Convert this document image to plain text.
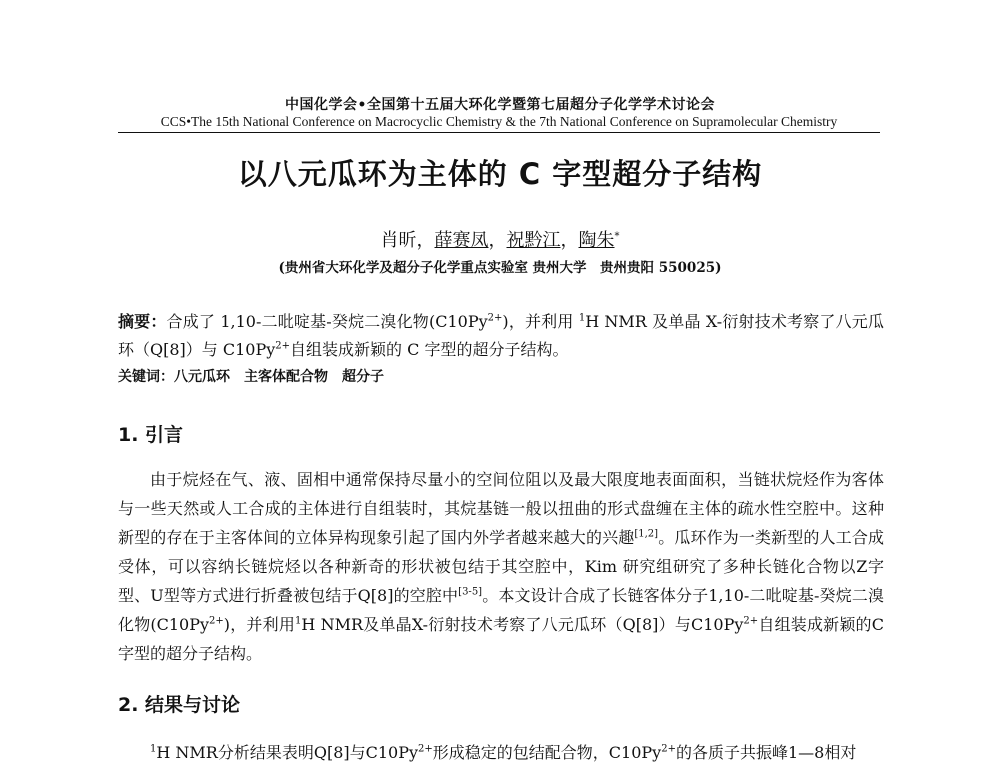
中国化学会•全国第十五届大环化学暨第七届超分子化学学术讨论会
CCS•The 15th National Conference on Macrocyclic Chemistry & the 7th National Conference on Supramolecular Chemistry
以八元瓜环为主体的 C 字型超分子结构
肖昕，薛赛凤，祝黔江，陶朱*
(贵州省大环化学及超分子化学重点实验室 贵州大学　贵州贵阳 550025)
摘要：合成了 1,10-二吡啶基-癸烷二溴化物$(C10Py^{2+})$，并利用 $^1$H NMR 及单晶 X-衍射技术考察了八元瓜环（Q[8]）与 $C10Py^{2+}$自组装成新颖的 C 字型的超分子结构。
关键词：八元瓜环　主客体配合物　超分子
1. 引言
由于烷烃在气、液、固相中通常保持尽量小的空间位阻以及最大限度地表面面积，当链状烷烃作为客体与一些天然或人工合成的主体进行自组装时，其烷基链一般以扭曲的形式盘缠在主体的疏水性空腔中。这种新型的存在于主客体间的立体异构现象引起了国内外学者越来越大的兴趣[1,2]。瓜环作为一类新型的人工合成受体，可以容纳长链烷烃以各种新奇的形状被包结于其空腔中，Kim 研究组研究了多种长链化合物以Z字型、U型等方式进行折叠被包结于Q[8]的空腔中[3-5]。本文设计合成了长链客体分子1,10-二吡啶基-癸烷二溴化物$(C10Py^{2+})$，并利用$^1$H NMR及单晶X-衍射技术考察了八元瓜环（Q[8]）与$C10Py^{2+}$自组装成新颖的C字型的超分子结构。
2. 结果与讨论
$^1$H NMR分析结果表明Q[8]与$C10Py^{2+}$形成稳定的包结配合物，$C10Py^{2+}$的各质子共振峰1—8相对
